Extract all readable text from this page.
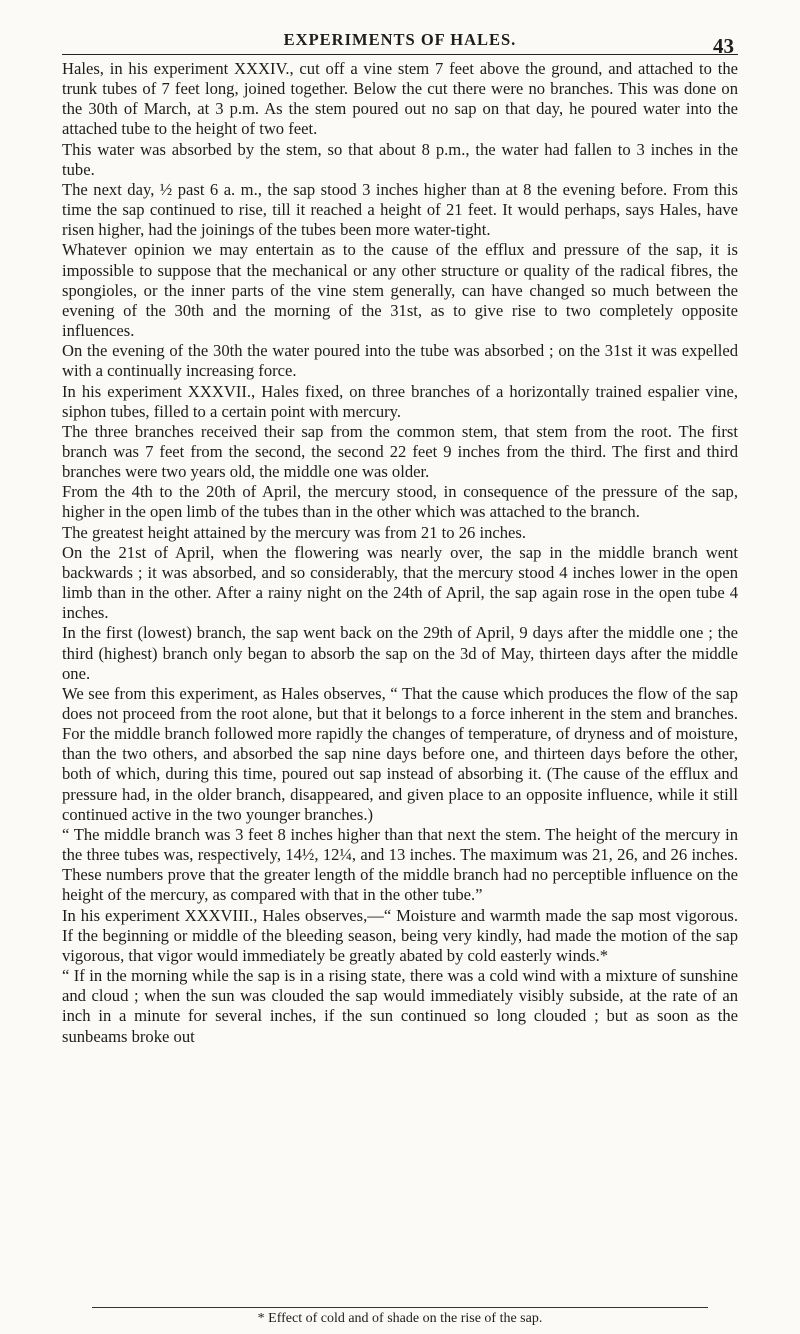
EXPERIMENTS OF HALES.	43

Hales, in his experiment XXXIV., cut off a vine stem 7 feet above the ground, and attached to the trunk tubes of 7 feet long, joined together. Below the cut there were no branches. This was done on the 30th of March, at 3 p.m. As the stem poured out no sap on that day, he poured water into the attached tube to the height of two feet.

This water was absorbed by the stem, so that about 8 p.m., the water had fallen to 3 inches in the tube.

The next day, ½ past 6 a. m., the sap stood 3 inches higher than at 8 the evening before. From this time the sap continued to rise, till it reached a height of 21 feet. It would perhaps, says Hales, have risen higher, had the joinings of the tubes been more water-tight.

Whatever opinion we may entertain as to the cause of the efflux and pressure of the sap, it is impossible to suppose that the mechanical or any other structure or quality of the radical fibres, the spongioles, or the inner parts of the vine stem generally, can have changed so much between the evening of the 30th and the morning of the 31st, as to give rise to two completely opposite influences.

On the evening of the 30th the water poured into the tube was absorbed ; on the 31st it was expelled with a continually increasing force.

In his experiment XXXVII., Hales fixed, on three branches of a horizontally trained espalier vine, siphon tubes, filled to a certain point with mercury.

The three branches received their sap from the common stem, that stem from the root. The first branch was 7 feet from the second, the second 22 feet 9 inches from the third. The first and third branches were two years old, the middle one was older.

From the 4th to the 20th of April, the mercury stood, in consequence of the pressure of the sap, higher in the open limb of the tubes than in the other which was attached to the branch.

The greatest height attained by the mercury was from 21 to 26 inches.

On the 21st of April, when the flowering was nearly over, the sap in the middle branch went backwards ; it was absorbed, and so considerably, that the mercury stood 4 inches lower in the open limb than in the other. After a rainy night on the 24th of April, the sap again rose in the open tube 4 inches.

In the first (lowest) branch, the sap went back on the 29th of April, 9 days after the middle one ; the third (highest) branch only began to absorb the sap on the 3d of May, thirteen days after the middle one.

We see from this experiment, as Hales observes, “ That the cause which produces the flow of the sap does not proceed from the root alone, but that it belongs to a force inherent in the stem and branches. For the middle branch followed more rapidly the changes of temperature, of dryness and of moisture, than the two others, and absorbed the sap nine days before one, and thirteen days before the other, both of which, during this time, poured out sap instead of absorbing it. (The cause of the efflux and pressure had, in the older branch, disappeared, and given place to an opposite influence, while it still continued active in the two younger branches.)

“ The middle branch was 3 feet 8 inches higher than that next the stem. The height of the mercury in the three tubes was, respectively, 14½, 12¼, and 13 inches. The maximum was 21, 26, and 26 inches. These numbers prove that the greater length of the middle branch had no perceptible influence on the height of the mercury, as compared with that in the other tube.”

In his experiment XXXVIII., Hales observes,—“ Moisture and warmth made the sap most vigorous. If the beginning or middle of the bleeding season, being very kindly, had made the motion of the sap vigorous, that vigor would immediately be greatly abated by cold easterly winds.*

“ If in the morning while the sap is in a rising state, there was a cold wind with a mixture of sunshine and cloud ; when the sun was clouded the sap would immediately visibly subside, at the rate of an inch in a minute for several inches, if the sun continued so long clouded ; but as soon as the sunbeams broke out

* Effect of cold and of shade on the rise of the sap.
